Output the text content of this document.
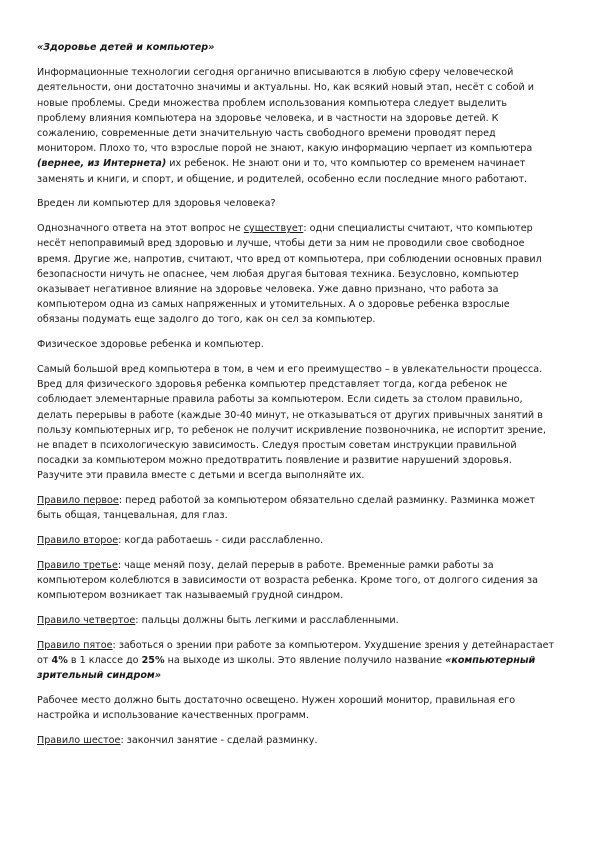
«Здоровье детей и компьютер»

Информационные технологии сегодня органично вписываются в любую сферу человеческой деятельности, они достаточно значимы и актуальны. Но, как всякий новый этап, несёт с собой и новые проблемы. Среди множества проблем использования компьютера следует выделить проблему влияния компьютера на здоровье человека, и в частности на здоровье детей. К сожалению, современные дети значительную часть свободного времени проводят перед монитором. Плохо то, что взрослые порой не знают, какую информацию черпает из компьютера (вернее, из Интернета) их ребенок. Не знают они и то, что компьютер со временем начинает заменять и книги, и спорт, и общение, и родителей, особенно если последние много работают.

Вреден ли компьютер для здоровья человека?

Однозначного ответа на этот вопрос не существует: одни специалисты считают, что компьютер несёт непоправимый вред здоровью и лучше, чтобы дети за ним не проводили свое свободное время. Другие же, напротив, считают, что вред от компьютера, при соблюдении основных правил безопасности ничуть не опаснее, чем любая другая бытовая техника. Безусловно, компьютер оказывает негативное влияние на здоровье человека. Уже давно признано, что работа за компьютером одна из самых напряженных и утомительных. А о здоровье ребенка взрослые обязаны подумать еще задолго до того, как он сел за компьютер.

Физическое здоровье ребенка и компьютер.

Самый большой вред компьютера в том, в чем и его преимущество – в увлекательности процесса. Вред для физического здоровья ребенка компьютер представляет тогда, когда ребенок не соблюдает элементарные правила работы за компьютером. Если сидеть за столом правильно, делать перерывы в работе (каждые 30-40 минут, не отказываться от других привычных занятий в пользу компьютерных игр, то ребенок не получит искривление позвоночника, не испортит зрение, не впадет в психологическую зависимость. Следуя простым советам инструкции правильной посадки за компьютером можно предотвратить появление и развитие нарушений здоровья. Разучите эти правила вместе с детьми и всегда выполняйте их.

Правило первое: перед работой за компьютером обязательно сделай разминку. Разминка может быть общая, танцевальная, для глаз.

Правило второе: когда работаешь - сиди расслабленно.

Правило третье: чаще меняй позу, делай перерыв в работе. Временные рамки работы за компьютером колеблются в зависимости от возраста ребенка. Кроме того, от долгого сидения за компьютером возникает так называемый грудной синдром.

Правило четвертое: пальцы должны быть легкими и расслабленными.

Правило пятое: заботься о зрении при работе за компьютером. Ухудшение зрения у детейнарастает от 4% в 1 классе до 25% на выходе из школы. Это явление получило название «компьютерный зрительный синдром»

Рабочее место должно быть достаточно освещено. Нужен хороший монитор, правильная его настройка и использование качественных программ.

Правило шестое: закончил занятие - сделай разминку.
